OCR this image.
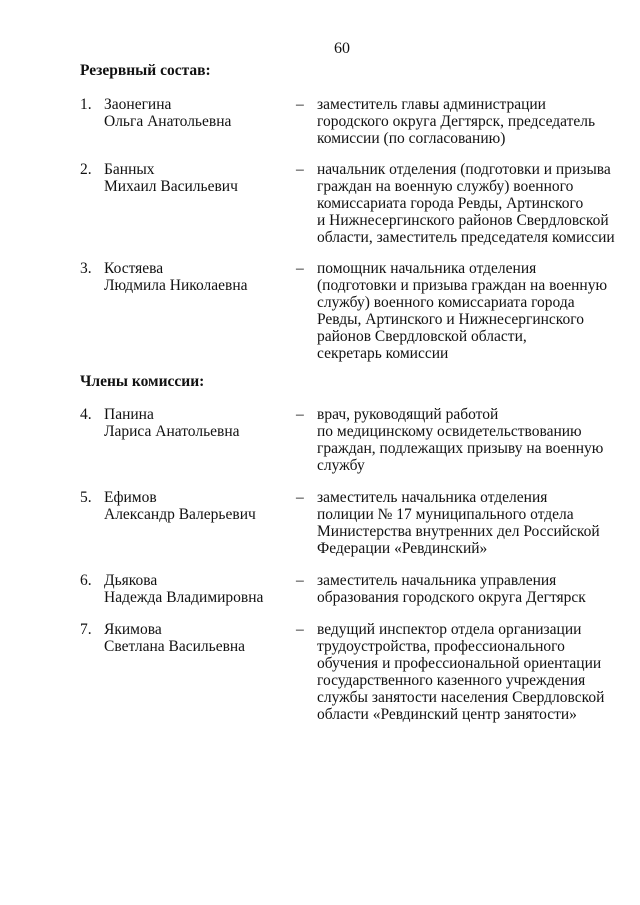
60
Резервный состав:
1. Заонегина
Ольга Анатольевна
– заместитель главы администрации
городского округа Дегтярск, председатель
комиссии (по согласованию)
2. Банных
Михаил Васильевич
– начальник отделения (подготовки и призыва
граждан на военную службу) военного
комиссариата города Ревды, Артинского
и Нижнесергинского районов Свердловской
области, заместитель председателя комиссии
3. Костяева
Людмила Николаевна
– помощник начальника отделения
(подготовки и призыва граждан на военную
службу) военного комиссариата города
Ревды, Артинского и Нижнесергинского
районов Свердловской области,
секретарь комиссии
Члены комиссии:
4. Панина
Лариса Анатольевна
– врач, руководящий работой
по медицинскому освидетельствованию
граждан, подлежащих призыву на военную
службу
5. Ефимов
Александр Валерьевич
– заместитель начальника отделения
полиции № 17 муниципального отдела
Министерства внутренних дел Российской
Федерации «Ревдинский»
6. Дьякова
Надежда Владимировна
– заместитель начальника управления
образования городского округа Дегтярск
7. Якимова
Светлана Васильевна
– ведущий инспектор отдела организации
трудоустройства, профессионального
обучения и профессиональной ориентации
государственного казенного учреждения
службы занятости населения Свердловской
области «Ревдинский центр занятости»
